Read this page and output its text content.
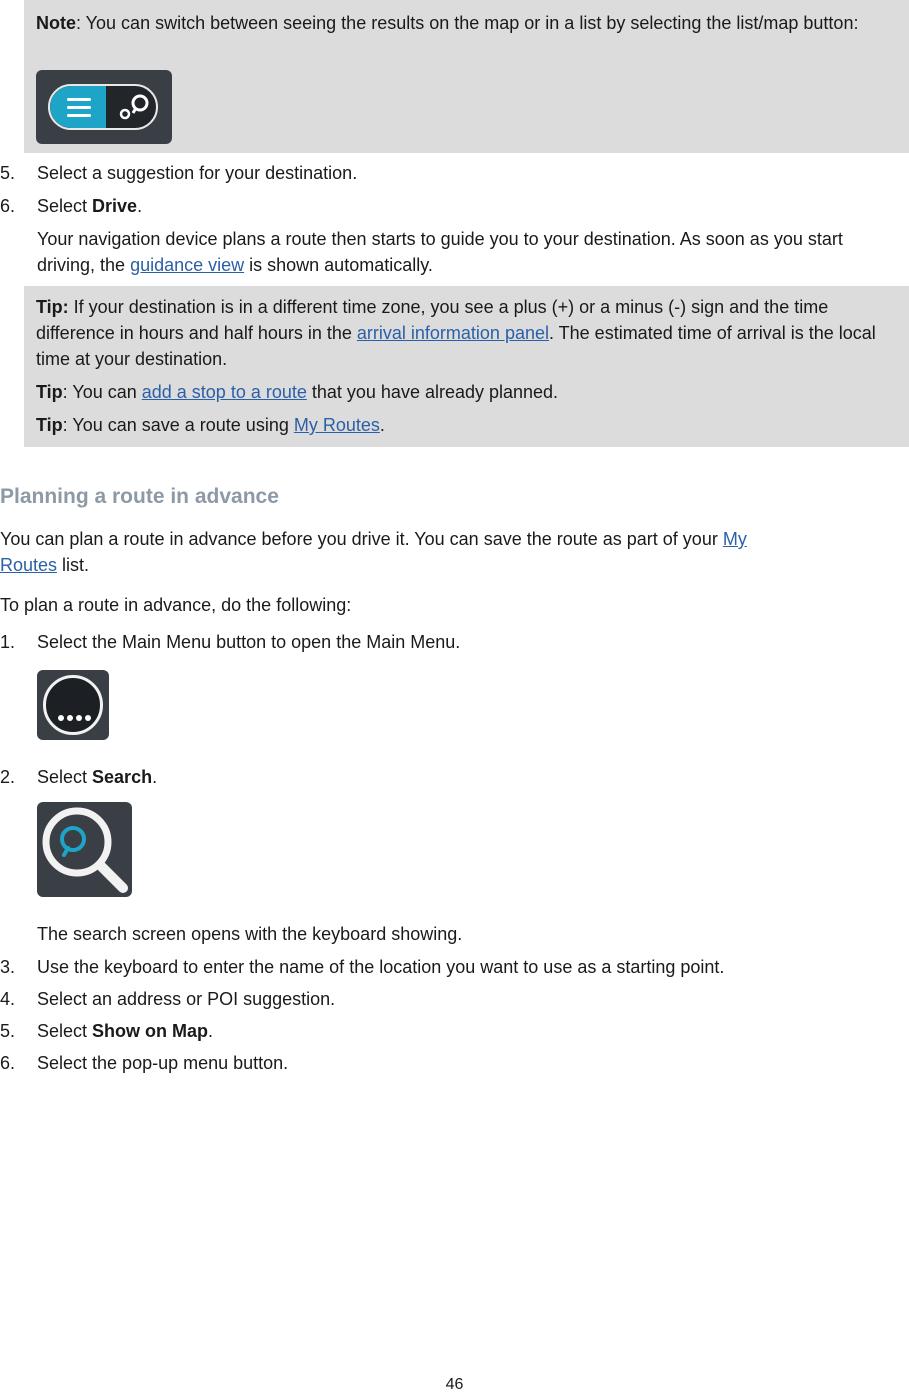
Note: You can switch between seeing the results on the map or in a list by selecting the list/map button:

5. Select a suggestion for your destination.
6. Select Drive.
Your navigation device plans a route then starts to guide you to your destination. As soon as you start driving, the guidance view is shown automatically.

Tip: If your destination is in a different time zone, you see a plus (+) or a minus (-) sign and the time difference in hours and half hours in the arrival information panel. The estimated time of arrival is the local time at your destination.

Tip: You can add a stop to a route that you have already planned.

Tip: You can save a route using My Routes.

Planning a route in advance
You can plan a route in advance before you drive it. You can save the route as part of your My
Routes list.
To plan a route in advance, do the following:
1. Select the Main Menu button to open the Main Menu.
2. Select Search.
The search screen opens with the keyboard showing.
3. Use the keyboard to enter the name of the location you want to use as a starting point.
4. Select an address or POI suggestion.
5. Select Show on Map.
6. Select the pop-up menu button.
46
